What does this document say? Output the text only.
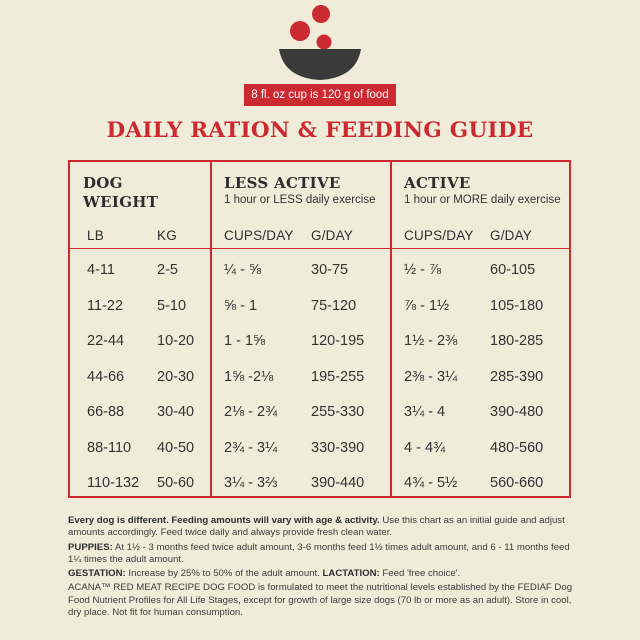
8 fl. oz cup is 120 g of food
DAILY RATION & FEEDING GUIDE
DOG
WEIGHT
LESS ACTIVE
1 hour or LESS daily exercise
ACTIVE
1 hour or MORE daily exercise
LB	KG	CUPS/DAY G/DAY	CUPS/DAY G/DAY
4-11	2-5	¼ - ⅝	30-75	½ - ⅞	60-105
11-22 5-10	⅝ - 1	75-120	⅞ - 1½	105-180
22-44 10-20 1 - 1⅝	120-195	1½ - 2⅜ 180-285
44-66 20-30 1⅝ -2⅛	195-255	2⅜ - 3¼ 285-390
66-88 30-40 2⅛ - 2¾ 255-330	3¼ - 4	390-480
88-110 40-50 2¾ - 3¼ 330-390	4 - 4¾	480-560
110-132 50-60 3¼ - 3⅔ 390-440	4¾ - 5½ 560-660

Every dog is different. Feeding amounts will vary with age & activity. Use this chart as an initial guide and adjust amounts accordingly. Feed twice daily and always provide fresh clean water.

PUPPIES: At 1½ - 3 months feed twice adult amount, 3-6 months feed 1½ times adult amount, and 6 - 11 months feed 1¼ times the adult amount.

GESTATION: Increase by 25% to 50% of the adult amount. LACTATION: Feed 'free choice'.

ACANA™ RED MEAT RECIPE DOG FOOD is formulated to meet the nutritional levels established by the FEDIAF Dog Food Nutrient Profiles for All Life Stages, except for growth of large size dogs (70 lb or more as an adult). Store in cool, dry place. Not fit for human consumption.
